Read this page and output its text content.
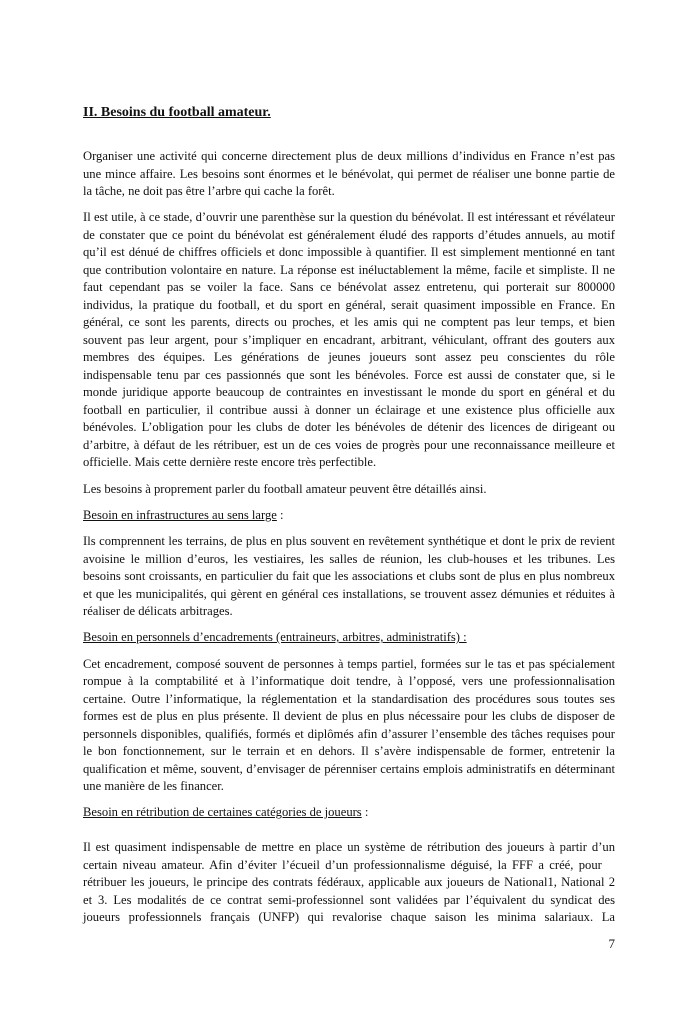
II. Besoins du football amateur.
Organiser une activité qui concerne directement plus de deux millions d’individus en France n’est pas
une mince affaire. Les besoins sont énormes et le bénévolat, qui permet de réaliser une bonne partie de
la tâche, ne doit pas être l’arbre qui cache la forêt.
Il est utile, à ce stade, d’ouvrir une parenthèse sur la question du bénévolat. Il est intéressant et révélateur
de constater que ce point du bénévolat est généralement éludé des rapports d’études annuels, au motif
qu’il est dénué de chiffres officiels et donc impossible à quantifier. Il est simplement mentionné en tant
que contribution volontaire en nature. La réponse est inéluctablement la même, facile et simpliste. Il ne
faut cependant pas se voiler la face. Sans ce bénévolat assez entretenu, qui porterait sur 800000
individus, la pratique du football, et du sport en général, serait quasiment impossible en France. En
général, ce sont les parents, directs ou proches, et les amis qui ne comptent pas leur temps, et bien
souvent pas leur argent, pour s’impliquer en encadrant, arbitrant, véhiculant, offrant des gouters aux
membres des équipes. Les générations de jeunes joueurs sont assez peu conscientes du rôle
indispensable tenu par ces passionnés que sont les bénévoles. Force est aussi de constater que, si le
monde juridique apporte beaucoup de contraintes en investissant le monde du sport en général et du
football en particulier, il contribue aussi à donner un éclairage et une existence plus officielle aux
bénévoles. L’obligation pour les clubs de doter les bénévoles de détenir des licences de dirigeant ou
d’arbitre, à défaut de les rétribuer, est un de ces voies de progrès pour une reconnaissance meilleure et
officielle. Mais cette dernière reste encore très perfectible.
Les besoins à proprement parler du football amateur peuvent être détaillés ainsi.
Besoin en infrastructures au sens large :
Ils comprennent les terrains, de plus en plus souvent en revêtement synthétique et dont le prix de revient
avoisine le million d’euros, les vestiaires, les salles de réunion, les club-houses et les tribunes. Les
besoins sont croissants, en particulier du fait que les associations et clubs sont de plus en plus nombreux
et que les municipalités, qui gèrent en général ces installations, se trouvent assez démunies et réduites à
réaliser de délicats arbitrages.
Besoin en personnels d’encadrements (entraineurs, arbitres, administratifs) :
Cet encadrement, composé souvent de personnes à temps partiel, formées sur le tas et pas spécialement
rompue à la comptabilité et à l’informatique doit tendre, à l’opposé, vers une professionnalisation
certaine. Outre l’informatique, la réglementation et la standardisation des procédures sous toutes ses
formes est de plus en plus présente. Il devient de plus en plus nécessaire pour les clubs de disposer de
personnels disponibles, qualifiés, formés et diplômés afin d’assurer l’ensemble des tâches requises pour
le bon fonctionnement, sur le terrain et en dehors. Il s’avère indispensable de former, entretenir la
qualification et même, souvent, d’envisager de pérenniser certains emplois administratifs en déterminant
une manière de les financer.
Besoin en rétribution de certaines catégories de joueurs :
Il est quasiment indispensable de mettre en place un système de rétribution des joueurs à partir d’un
certain niveau amateur. Afin d’éviter l’écueil d’un professionnalisme déguisé, la FFF a créé, pour
rétribuer les joueurs, le principe des contrats fédéraux, applicable aux joueurs de National1, National 2
et 3. Les modalités de ce contrat semi-professionnel sont validées par l’équivalent du syndicat des
joueurs professionnels français (UNFP) qui revalorise chaque saison les minima salariaux. La
7
